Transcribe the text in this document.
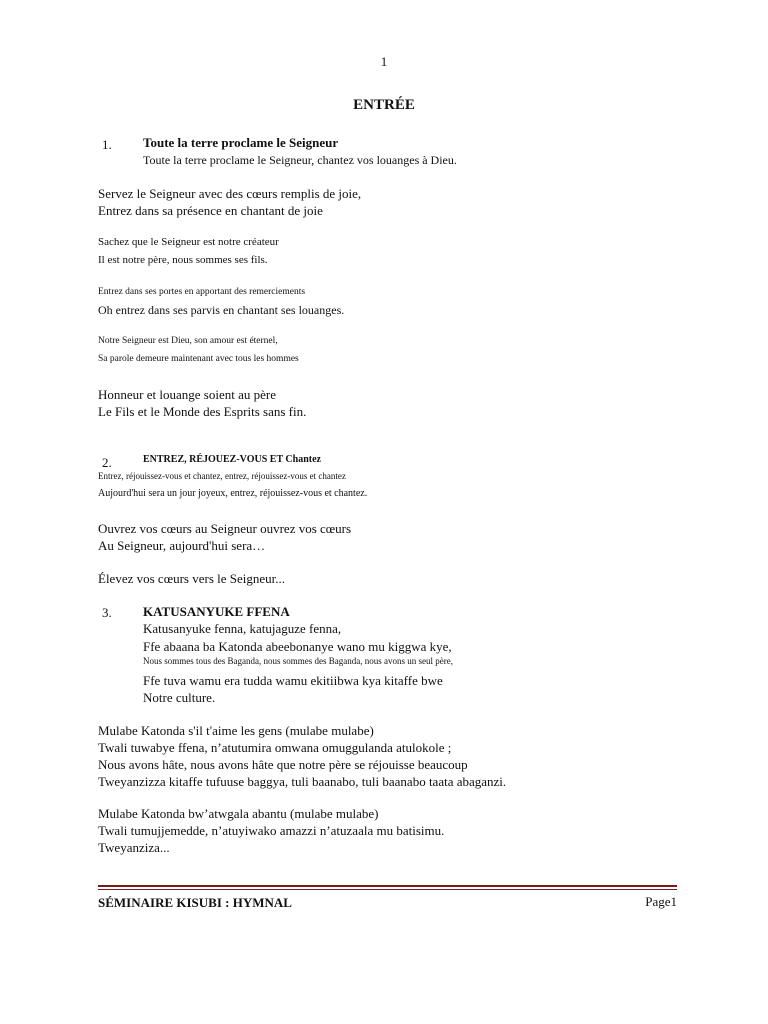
1
ENTRÉE
1. Toute la terre proclame le Seigneur
Toute la terre proclame le Seigneur, chantez vos louanges à Dieu.
Servez le Seigneur avec des cœurs remplis de joie,
Entrez dans sa présence en chantant de joie
Sachez que le Seigneur est notre créateur
Il est notre père, nous sommes ses fils.
Entrez dans ses portes en apportant des remerciements
Oh entrez dans ses parvis en chantant ses louanges.
Notre Seigneur est Dieu, son amour est éternel,
Sa parole demeure maintenant avec tous les hommes
Honneur et louange soient au père
Le Fils et le Monde des Esprits sans fin.
2.	ENTREZ, RÉJOUEZ-VOUS ET Chantez
Entrez, réjouissez-vous et chantez, entrez, réjouissez-vous et chantez
Aujourd'hui sera un jour joyeux, entrez, réjouissez-vous et chantez.
Ouvrez vos cœurs au Seigneur ouvrez vos cœurs
Au Seigneur, aujourd'hui sera…
Élevez vos cœurs vers le Seigneur...
3. KATUSANYUKE FFENA
Katusanyuke fenna, katujaguze fenna,
Ffe abaana ba Katonda abeebonanye wano mu kiggwa kye,
Nous sommes tous des Baganda, nous sommes des Baganda, nous avons un seul père,
Ffe tuva wamu era tudda wamu ekitiibwa kya kitaffe bwe
Notre culture.
Mulabe Katonda s'il t'aime les gens (mulabe mulabe)
Twali tuwabye ffena, n’atutumira omwana omuggulanda atulokole ;
Nous avons hâte, nous avons hâte que notre père se réjouisse beaucoup
Tweyanzizza kitaffe tufuuse baggya, tuli baanabo, tuli baanabo taata abaganzi.
Mulabe Katonda bw’atwgala abantu (mulabe mulabe)
Twali tumujjemedde, n’atuyiwako amazzi n’atuzaala mu batisimu.
Tweyanziza...
SÉMINAIRE KISUBI : HYMNAL	Page1
